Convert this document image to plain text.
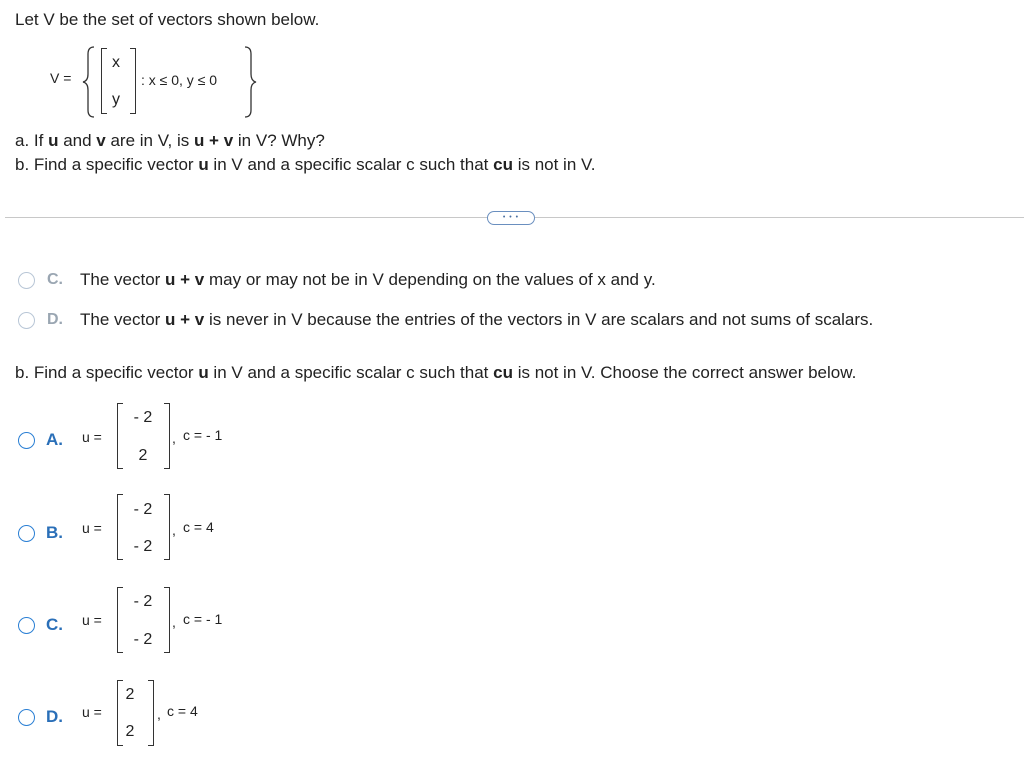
Let V be the set of vectors shown below.
V =
x
y
: x ≤ 0, y ≤ 0
a. If u and v are in V, is u + v in V? Why?
b. Find a specific vector u in V and a specific scalar c such that cu is not in V.
• • •
C. The vector u + v may or may not be in V depending on the values of x and y.
D. The vector u + v is never in V because the entries of the vectors in V are scalars and not sums of scalars.
b. Find a specific vector u in V and a specific scalar c such that cu is not in V. Choose the correct answer below.
A. u =
- 2
2
, c = - 1
B. u =
- 2
- 2
, c = 4
C. u =
- 2
- 2
, c = - 1
D. u =
2
2
, c = 4
